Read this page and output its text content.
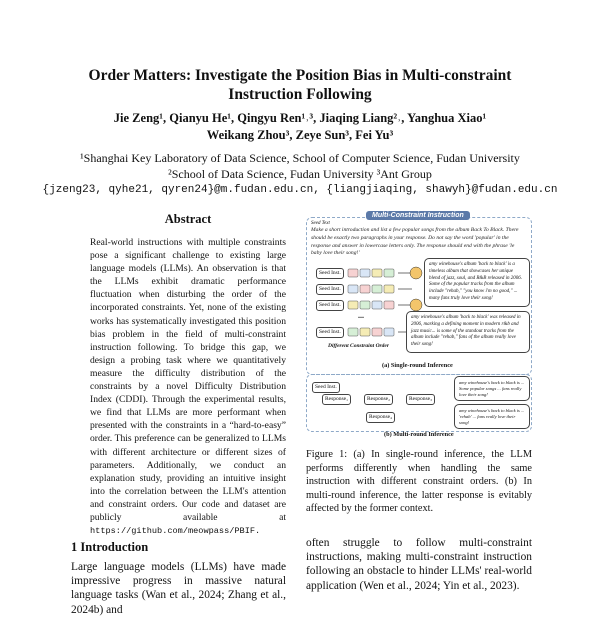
Order Matters: Investigate the Position Bias in Multi-constraint
Instruction Following
Jie Zeng¹, Qianyu He¹, Qingyu Ren¹˒³, Jiaqing Liang²˒, Yanghua Xiao¹
Weikang Zhou³, Zeye Sun³, Fei Yu³
¹Shanghai Key Laboratory of Data Science, School of Computer Science, Fudan University
²School of Data Science, Fudan University ³Ant Group
{jzeng23, qyhe21, qyren24}@m.fudan.edu.cn, {liangjiaqing, shawyh}@fudan.edu.cn
Abstract
Real-world instructions with multiple constraints pose a significant challenge to existing large language models (LLMs). An observation is that the LLMs exhibit dramatic performance fluctuation when disturbing the order of the incorporated constraints. Yet, none of the existing works has systematically investigated this position bias problem in the field of multi-constraint instruction following. To bridge this gap, we design a probing task where we quantitatively measure the difficulty distribution of the constraints by a novel Difficulty Distribution Index (CDDI). Through the experimental results, we find that LLMs are more performant when presented with the constraints in a “hard-to-easy” order. This preference can be generalized to LLMs with different architecture or different sizes of parameters. Additionally, we conduct an explanation study, providing an intuitive insight into the correlation between the LLM's attention and constraint orders. Our code and dataset are publicly available at https://github.com/meowpass/PBIF.
1 Introduction
Large language models (LLMs) have made impressive progress in massive natural language tasks (Wan et al., 2024; Zhang et al., 2024b) and
Multi-Constraint Instruction
Seed Text
Make a short introduction and list a few popular songs from the album Back To Black. There should be exactly two paragraphs in your response. Do not say the word 'popular' in the response and answer in lowercase letters only. The response should end with the phrase 'le baby love their song!'
Seed Inst.
Seed Inst.
Seed Inst.
...
Seed Inst.
Different Constraint Order
amy winehouse's album 'back to black' is a timeless album that showcases her unique blend of jazz, soul, and R&B released in 2006. Some of the popular tracks from the album include "rehab," "you know i'm no good," ... many fans truly love their song!
amy winehouse's album 'back to black' was released in 2006, marking a defining moment in modern r&b and jazz music... is some of the standout tracks from the album include "rehab," fans of the album really love their song!
(a) Single-round Inference
Seed Inst.
Response₁	Response₂	Response₃
Response₄
amy winehouse's back to black is ... Some popular songs ... fans really love their song!
amy winehouse's back to black is ... 'rehab' ... fans really love their song!
(b) Multi-round Inference
Figure 1: (a) In single-round inference, the LLM performs differently when handling the same instruction with different constraint orders. (b) In multi-round inference, the latter response is evitably affected by the former context.
often struggle to follow multi-constraint instructions, making multi-constraint instruction following an obstacle to hinder LLMs' real-world application (Wen et al., 2024; Yin et al., 2023).
